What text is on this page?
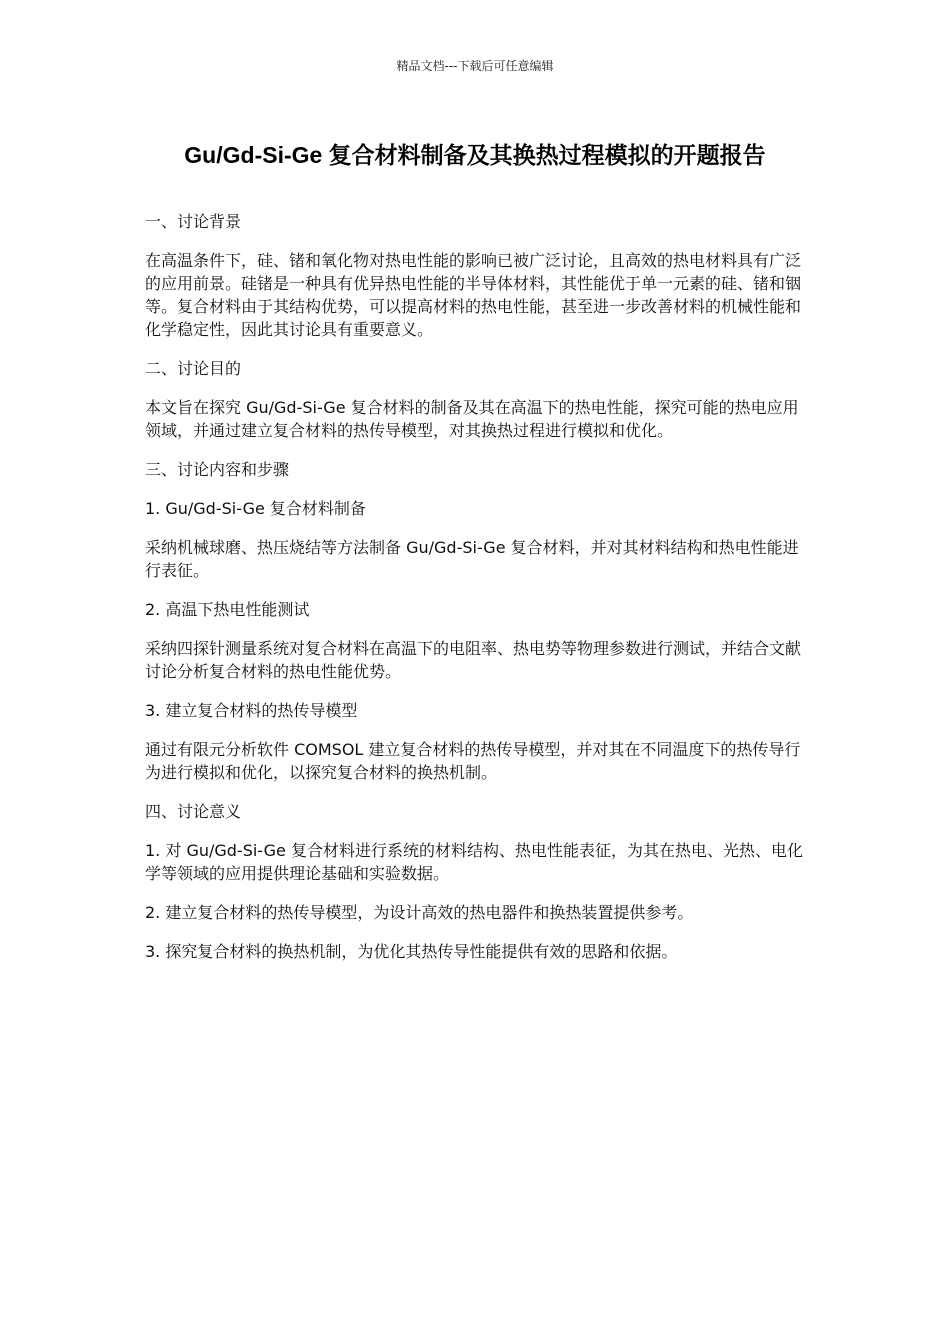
精品文档---下载后可任意编辑
Gu/Gd-Si-Ge 复合材料制备及其换热过程模拟的开题报告

一、讨论背景

在高温条件下，硅、锗和氧化物对热电性能的影响已被广泛讨论，且高效的热电材料具有广泛的应用前景。硅锗是一种具有优异热电性能的半导体材料，其性能优于单一元素的硅、锗和铟等。复合材料由于其结构优势，可以提高材料的热电性能，甚至进一步改善材料的机械性能和化学稳定性，因此其讨论具有重要意义。

二、讨论目的

本文旨在探究 Gu/Gd-Si-Ge 复合材料的制备及其在高温下的热电性能，探究可能的热电应用领域，并通过建立复合材料的热传导模型，对其换热过程进行模拟和优化。

三、讨论内容和步骤

1. Gu/Gd-Si-Ge 复合材料制备

采纳机械球磨、热压烧结等方法制备 Gu/Gd-Si-Ge 复合材料，并对其材料结构和热电性能进行表征。

2. 高温下热电性能测试

采纳四探针测量系统对复合材料在高温下的电阻率、热电势等物理参数进行测试，并结合文献讨论分析复合材料的热电性能优势。

3. 建立复合材料的热传导模型

通过有限元分析软件 COMSOL 建立复合材料的热传导模型，并对其在不同温度下的热传导行为进行模拟和优化，以探究复合材料的换热机制。

四、讨论意义

1. 对 Gu/Gd-Si-Ge 复合材料进行系统的材料结构、热电性能表征，为其在热电、光热、电化学等领域的应用提供理论基础和实验数据。

2. 建立复合材料的热传导模型，为设计高效的热电器件和换热装置提供参考。

3. 探究复合材料的换热机制，为优化其热传导性能提供有效的思路和依据。
